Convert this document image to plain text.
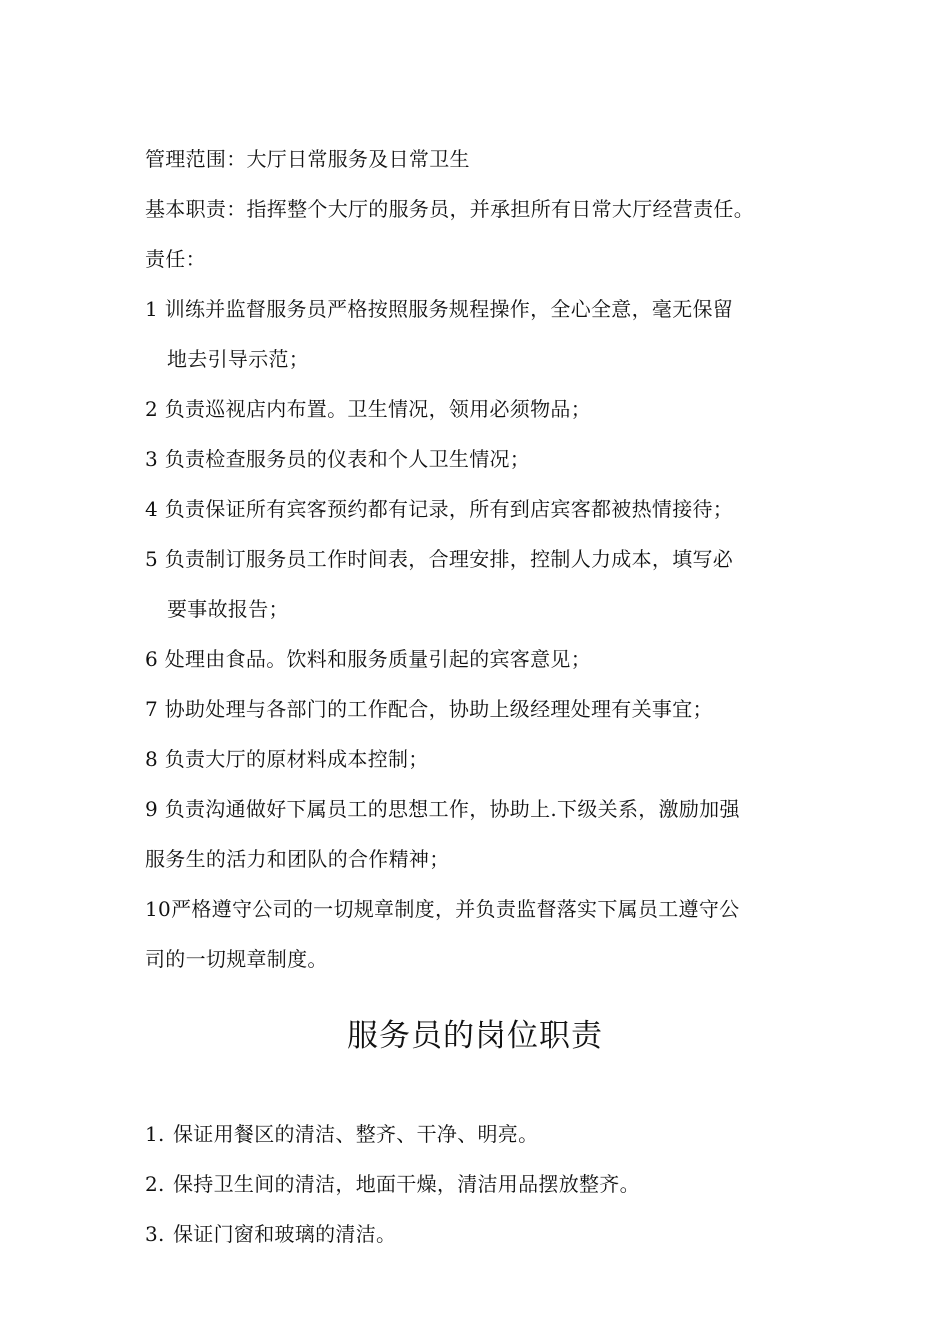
管理范围：大厅日常服务及日常卫生
基本职责：指挥整个大厅的服务员，并承担所有日常大厅经营责任。
责任：
1 训练并监督服务员严格按照服务规程操作，全心全意，毫无保留
地去引导示范；
2 负责巡视店内布置。卫生情况，领用必须物品；
3 负责检查服务员的仪表和个人卫生情况；
4 负责保证所有宾客预约都有记录，所有到店宾客都被热情接待；
5 负责制订服务员工作时间表，合理安排，控制人力成本，填写必
要事故报告；
6 处理由食品。饮料和服务质量引起的宾客意见；
7 协助处理与各部门的工作配合，协助上级经理处理有关事宜；
8 负责大厅的原材料成本控制；
9 负责沟通做好下属员工的思想工作，协助上.下级关系，激励加强
服务生的活力和团队的合作精神；
10严格遵守公司的一切规章制度，并负责监督落实下属员工遵守公
司的一切规章制度。
服务员的岗位职责
1. 保证用餐区的清洁、整齐、干净、明亮。
2. 保持卫生间的清洁，地面干燥，清洁用品摆放整齐。
3. 保证门窗和玻璃的清洁。
